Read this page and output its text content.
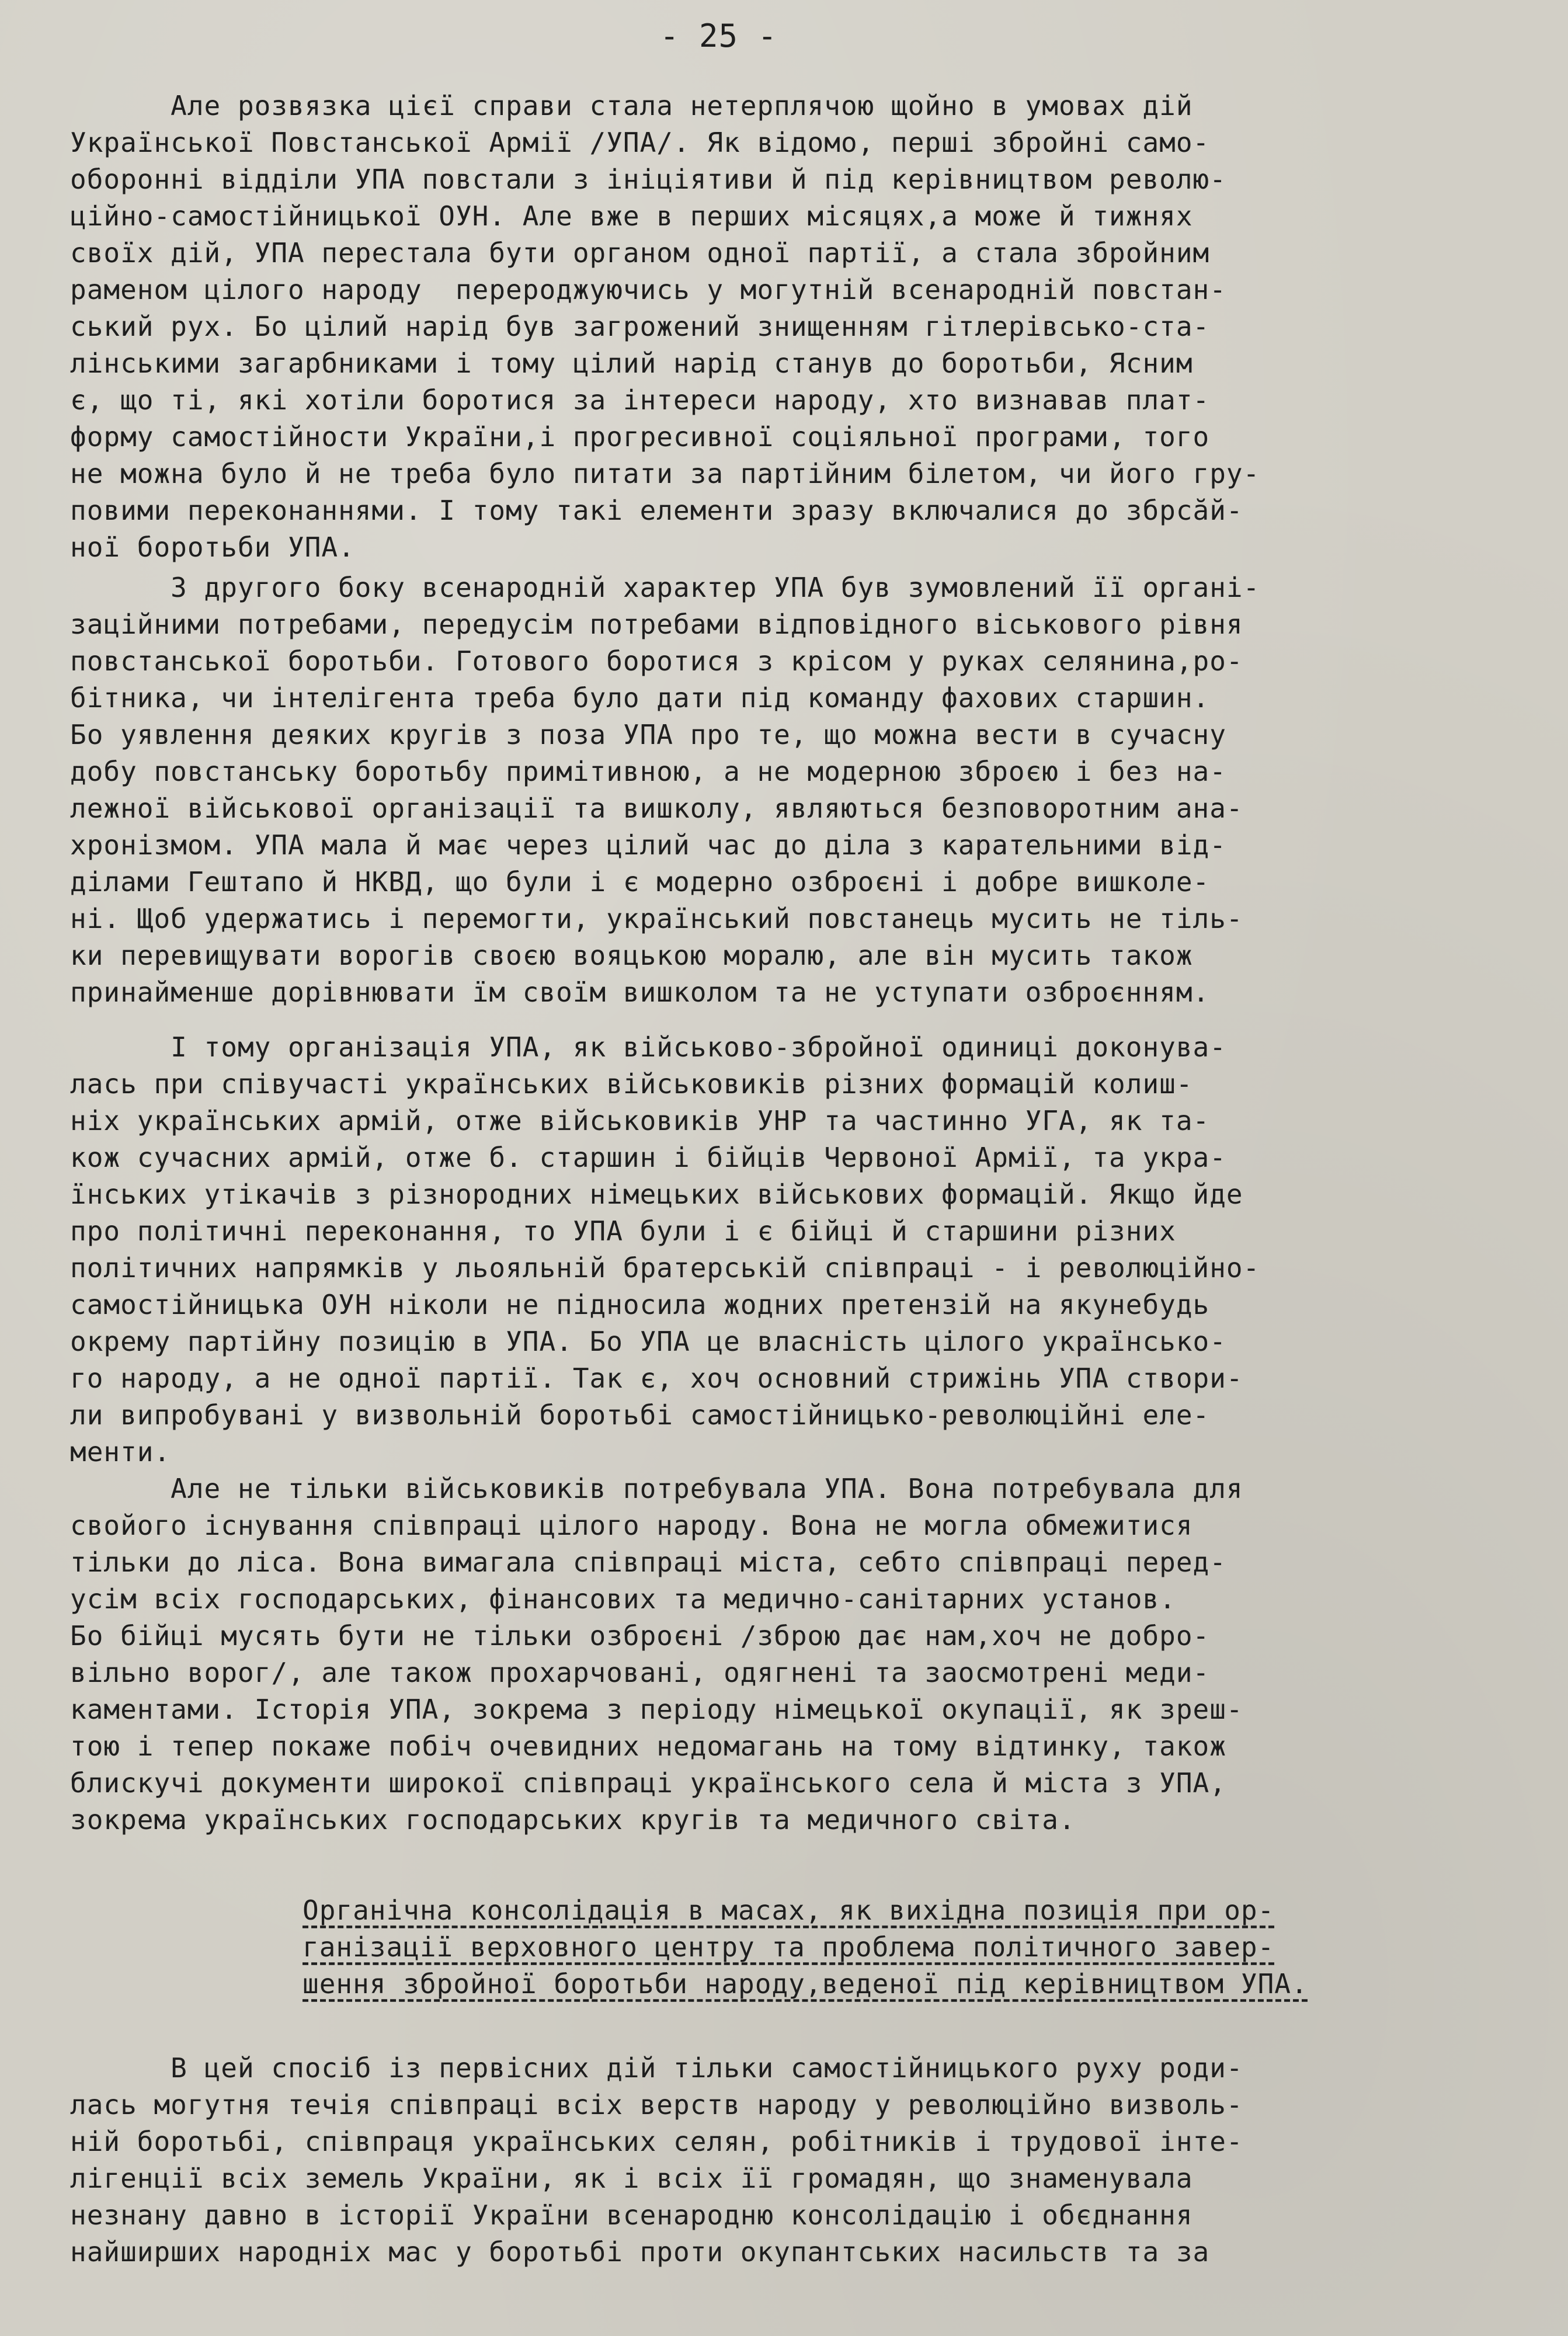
- 25 -
Але розвязка цієї справи стала нетерплячою щойно в умовах дій
Української Повстанської Армії /УПА/. Як відомо, перші збройні само-
оборонні відділи УПА повстали з ініціятиви й під керівництвом револю-
ційно-самостійницької ОУН. Але вже в перших місяцях,а може й тижнях
своїх дій, УПА перестала бути органом одної партії, а стала збройним
раменом цілого народу  перероджуючись у могутній всенародній повстан-
ський рух. Бо цілий нарід був загрожений знищенням гітлерівсько-ста-
лінськими загарбниками і тому цілий нарід станув до боротьби, Ясним
є, що ті, які хотіли боротися за інтереси народу, хто визнавав плат-
форму самостійности України,і прогресивної соціяльної програми, того
не можна було й не треба було питати за партійним білетом, чи його гру-
повими переконаннями. І тому такі елементи зразу включалися до збрcăй-
ної боротьби УПА.
З другого боку всенародній характер УПА був зумовлений її органі-
заційними потребами, передусім потребами відповідного віськового рівня
повстанської боротьби. Готового боротися з крісом у руках селянина,ро-
бітника, чи інтелігента треба було дати під команду фахових старшин.
Бо уявлення деяких кругів з поза УПА про те, що можна вести в сучасну
добу повстанську боротьбу примітивною, а не модерною зброєю і без на-
лежної військової організації та вишколу, являються безповоротним ана-
хронізмом. УПА мала й має через цілий час до діла з карательними від-
ділами Гештапо й НКВД, що були і є модерно озброєні і добре вишколе-
ні. Щоб удержатись і перемогти, український повстанець мусить не тіль-
ки перевищувати ворогів своєю вояцькою моралю, але він мусить також
принайменше дорівнювати їм своїм вишколом та не уступати озброєнням.
І тому організація УПА, як військово-збройної одиниці доконува-
лась при співучасті українських військовиків різних формацій колиш-
ніх українських армій, отже військовиків УНР та частинно УГА, як та-
кож сучасних армій, отже б. старшин і бійців Червоної Армії, та укра-
їнських утікачів з різнородних німецьких військових формацій. Якщо йде
про політичні переконання, то УПА були і є бійці й старшини різних
політичних напрямків у льояльній братерській співпраці - і революційно-
самостійницька ОУН ніколи не підносила жодних претензій на якунебудь
окрему партійну позицію в УПА. Бо УПА це власність цілого українсько-
го народу, а не одної партії. Так є, хоч основний стрижінь УПА створи-
ли випробувані у визвольній боротьбі самостійницько-революційні еле-
менти.
Але не тільки військовиків потребувала УПА. Вона потребувала для
свойого існування співпраці цілого народу. Вона не могла обмежитися
тільки до ліса. Вона вимагала співпраці міста, себто співпраці перед-
усім всіх господарських, фінансових та медично-санітарних установ.
Бо бійці мусять бути не тільки озброєні /зброю дає нам,хоч не добро-
вільно ворог/, але також прохарчовані, одягнені та заосмотрені меди-
каментами. Історія УПА, зокрема з періоду німецької окупації, як зреш-
тою і тепер покаже побіч очевидних недомагань на тому відтинку, також
блискучі документи широкої співпраці українського села й міста з УПА,
зокрема українських господарських кругів та медичного світа.
Органічна консолідація в масах, як вихідна позиція при ор-
ганізації верховного центру та проблема політичного завер-
шення збройної боротьби народу,веденої під керівництвом УПА.
В цей спосіб із первісних дій тільки самостійницького руху роди-
лась могутня течія співпраці всіх верств народу у революційно визволь-
ній боротьбі, співпраця українських селян, робітників і трудової інте-
лігенції всіх земель України, як і всіх її громадян, що знаменувала
незнану давно в історії України всенародню консолідацію і обєднання
найширших народніх мас у боротьбі проти окупантських насильств та за
